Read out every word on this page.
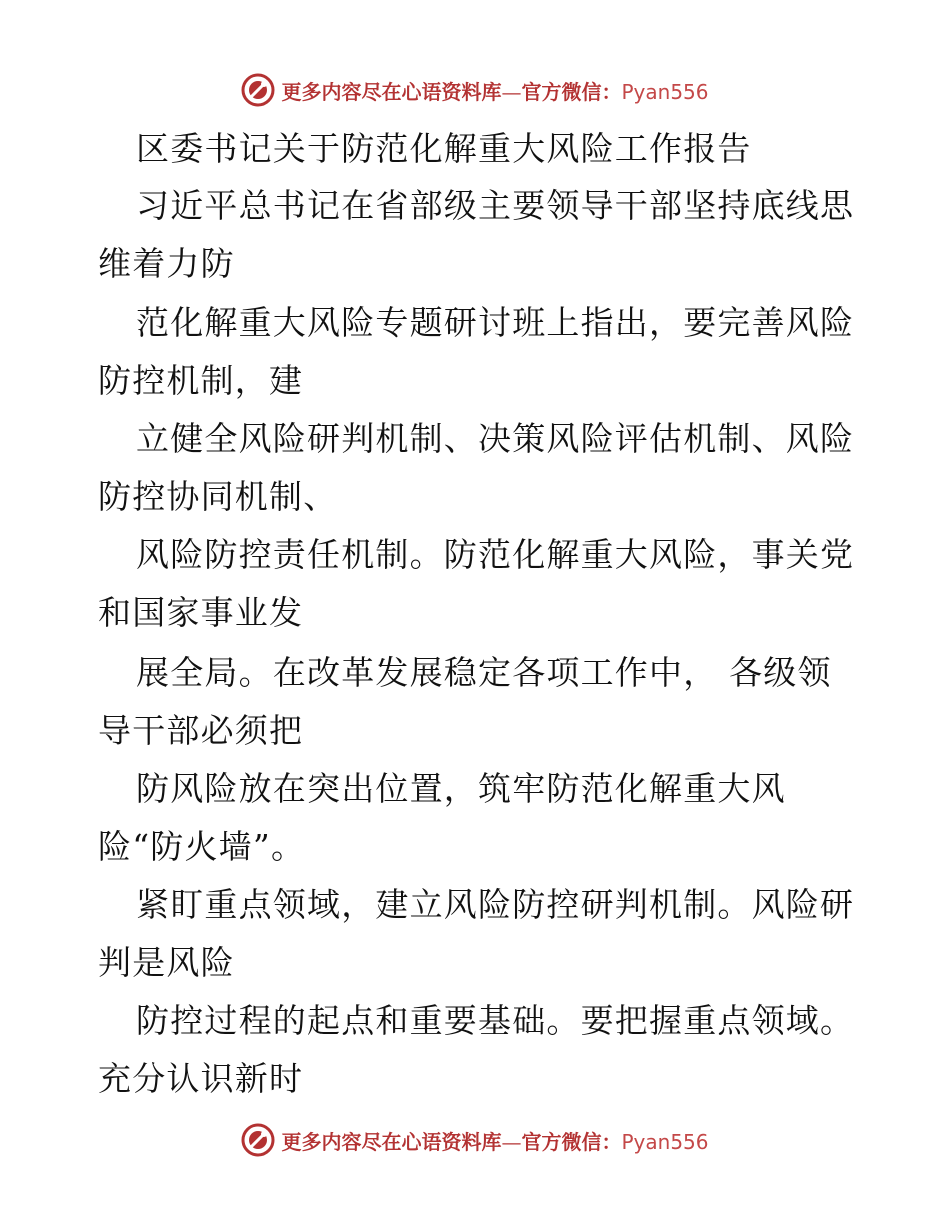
更多内容尽在心语资料库—官方微信：Pyan556
区委书记关于防范化解重大风险工作报告
习近平总书记在省部级主要领导干部坚持底线思
维着力防
范化解重大风险专题研讨班上指出，要完善风险
防控机制，建
立健全风险研判机制、决策风险评估机制、风险
防控协同机制、
风险防控责任机制。防范化解重大风险，事关党
和国家事业发
展全局。在改革发展稳定各项工作中， 各级领
导干部必须把
防风险放在突出位置，筑牢防范化解重大风
险“防火墙”。
紧盯重点领域，建立风险防控研判机制。风险研
判是风险
防控过程的起点和重要基础。要把握重点领域。
充分认识新时
更多内容尽在心语资料库—官方微信：Pyan556
